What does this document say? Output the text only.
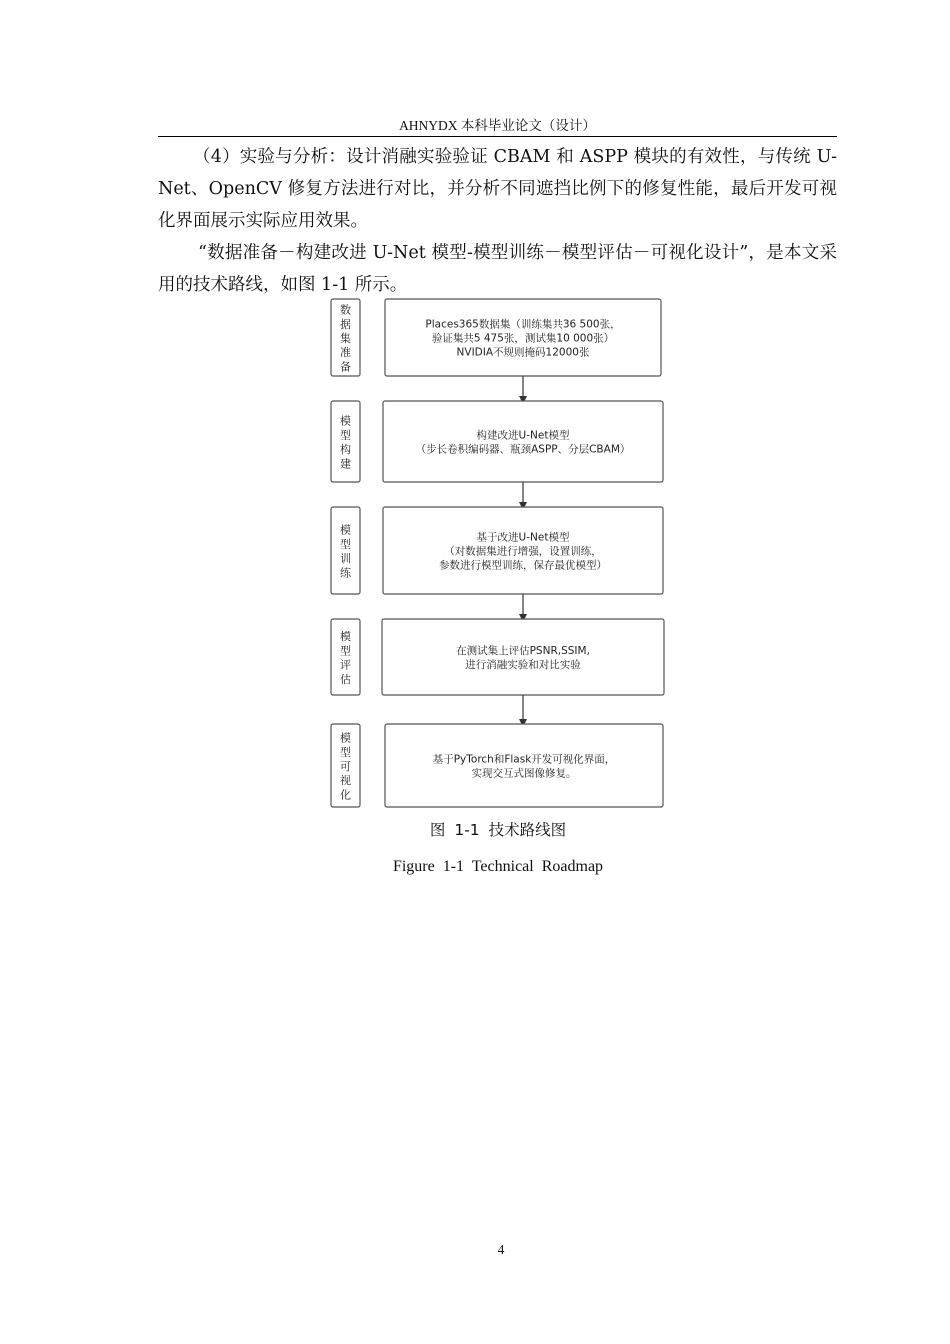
AHNYDX 本科毕业论文（设计）
（4）实验与分析：设计消融实验验证 CBAM 和 ASPP 模块的有效性，与传统 U-Net、OpenCV 修复方法进行对比，并分析不同遮挡比例下的修复性能，最后开发可视化界面展示实际应用效果。
“数据准备－构建改进 U-Net 模型-模型训练－模型评估－可视化设计”，是本文采用的技术路线，如图 1-1 所示。
数
据
集
准
备
Places365数据集（训练集共36 500张，
验证集共5 475张，测试集10 000张）
NVIDIA不规则掩码12000张
模
型
构
建
构建改进U-Net模型
（步长卷积编码器、瓶颈ASPP、分层CBAM）
模
型
训
练
基于改进U-Net模型
（对数据集进行增强，设置训练，
参数进行模型训练，保存最优模型）
模
型
评
估
在测试集上评估PSNR,SSIM,
进行消融实验和对比实验
模
型
可
视
化
基于PyTorch和Flask开发可视化界面，
实现交互式图像修复。
图 1-1 技术路线图
Figure 1-1 Technical Roadmap
4
